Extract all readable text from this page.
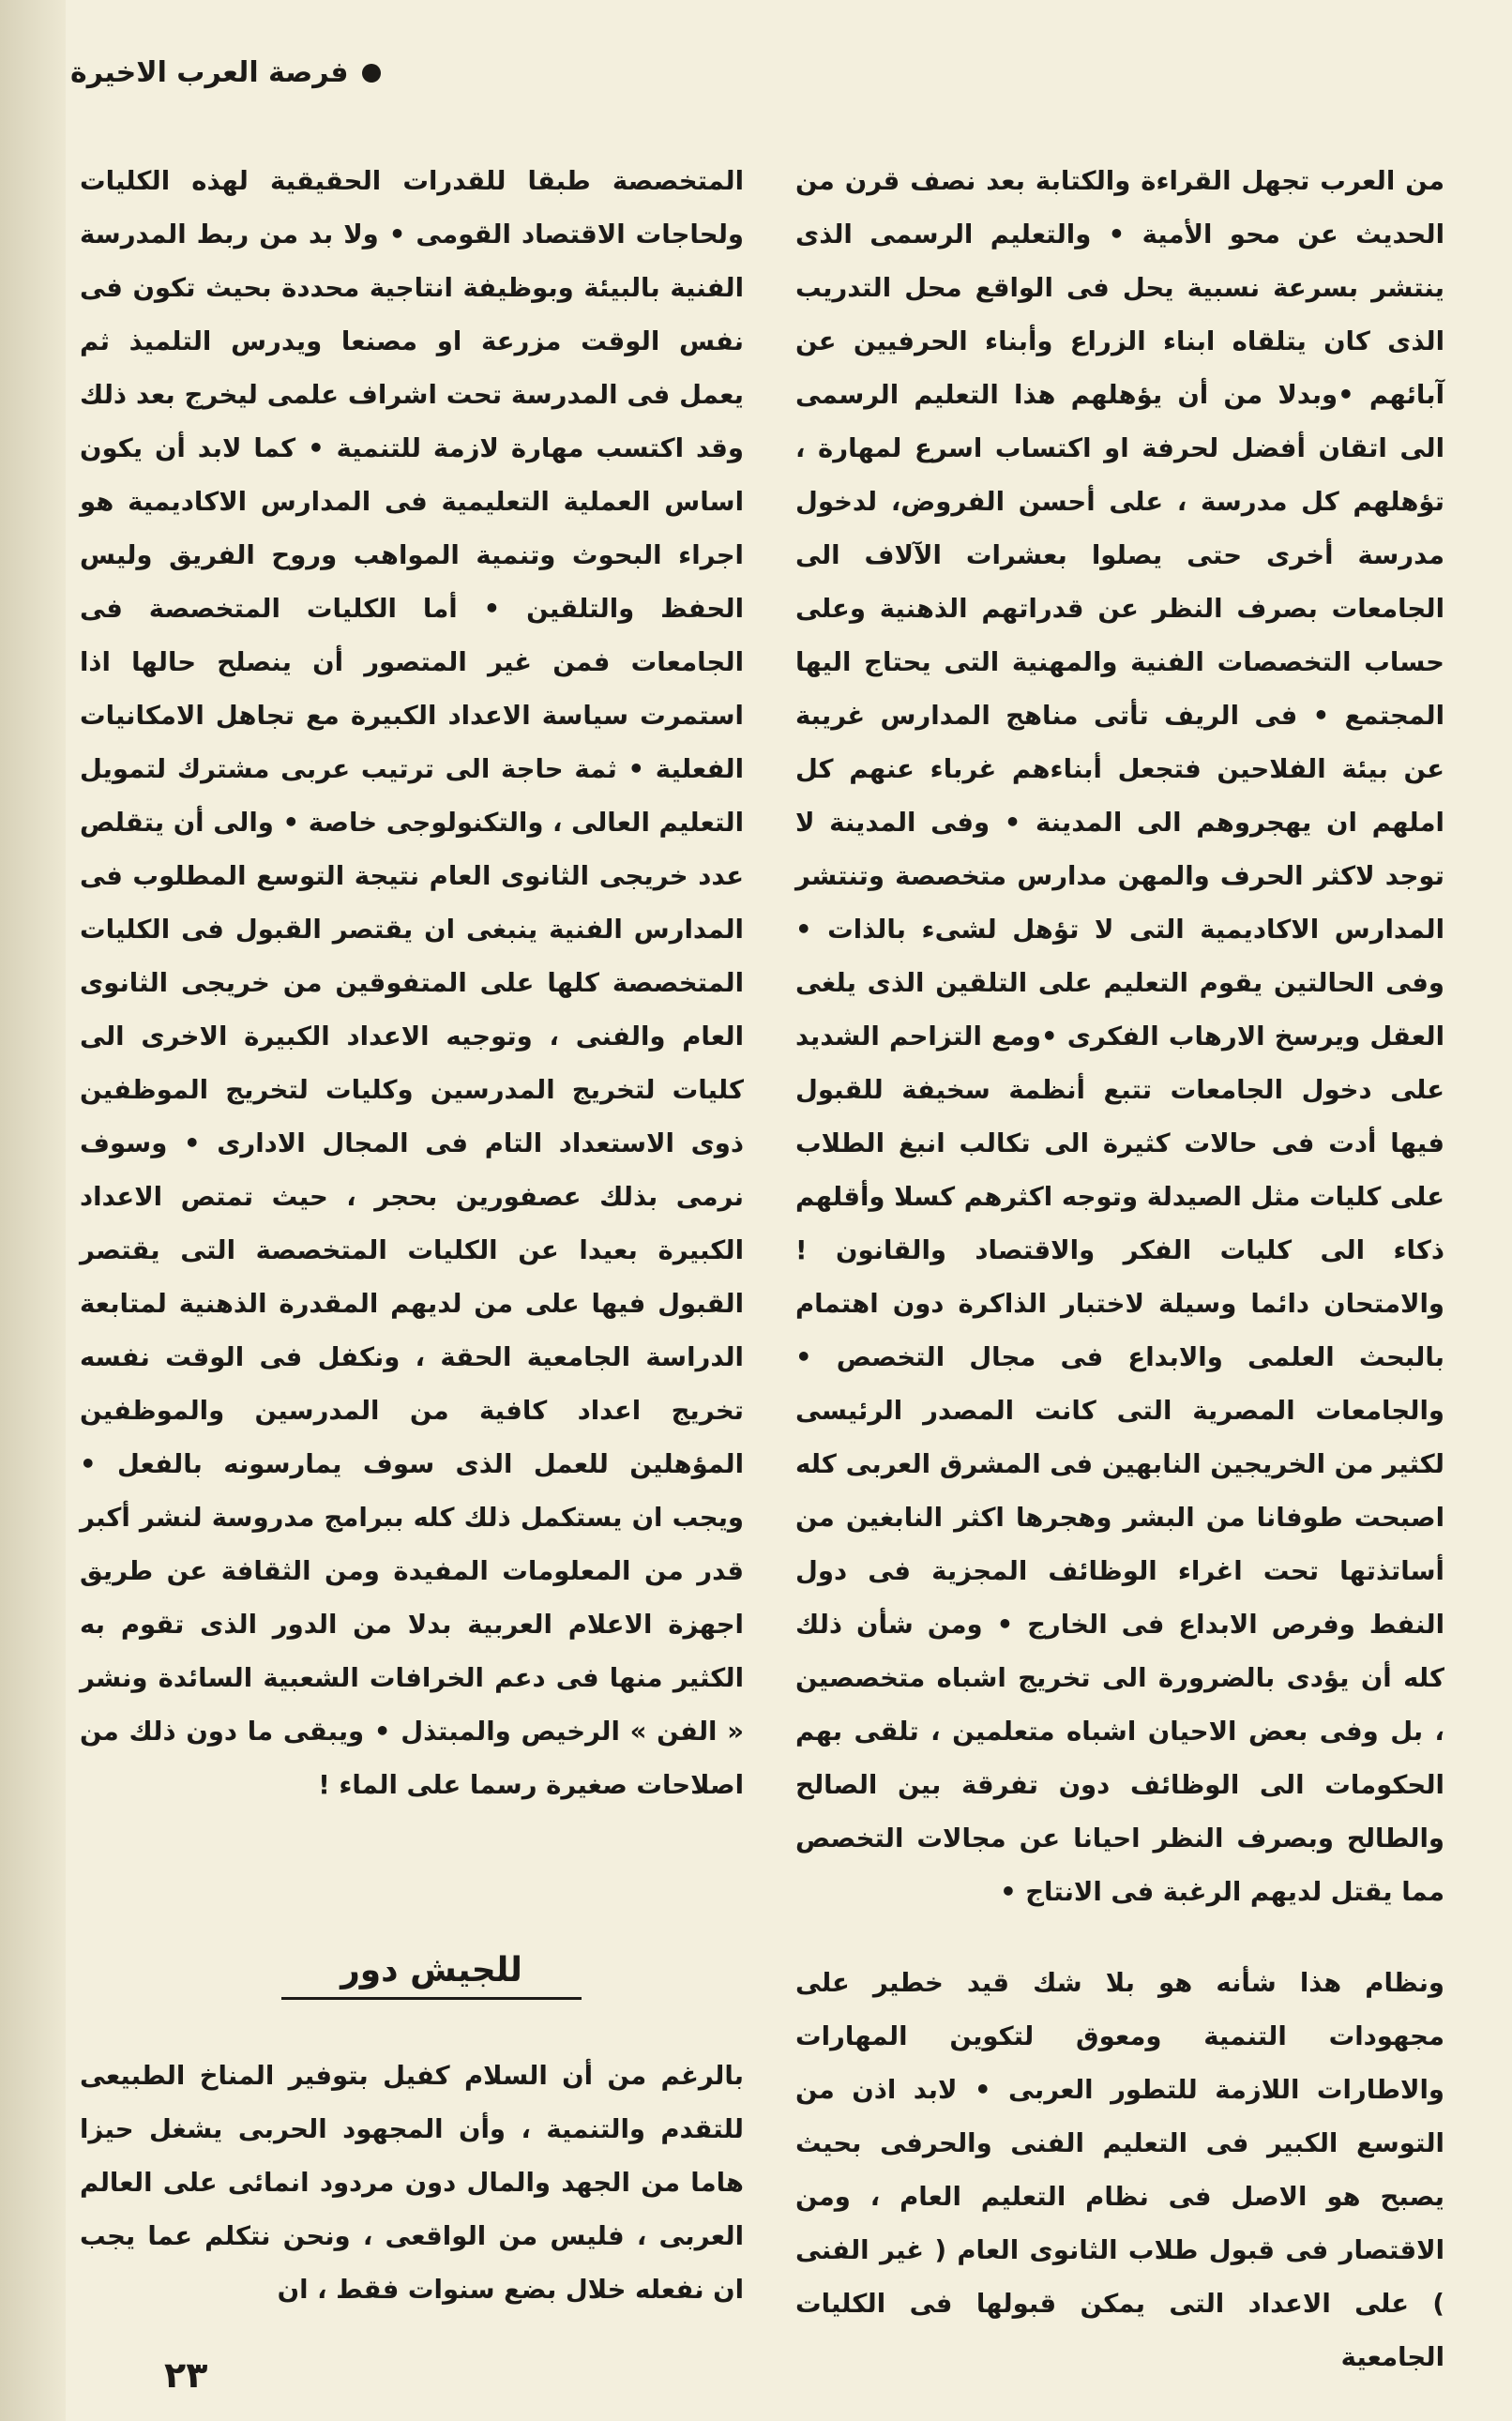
فرصة العرب الاخيرة

من العرب تجهل القراءة والكتابة بعد نصف قرن من الحديث عن محو الأمية • والتعليم الرسمى الذى ينتشر بسرعة نسبية يحل فى الواقع محل التدريب الذى كان يتلقاه ابناء الزراع وأبناء الحرفيين عن آبائهم •وبدلا من أن يؤهلهم هذا التعليم الرسمى الى اتقان أفضل لحرفة او اكتساب اسرع لمهارة ، تؤهلهم كل مدرسة ، على أحسن الفروض، لدخول مدرسة أخرى حتى يصلوا بعشرات الآلاف الى الجامعات بصرف النظر عن قدراتهم الذهنية وعلى حساب التخصصات الفنية والمهنية التى يحتاج اليها المجتمع • فى الريف تأتى مناهج المدارس غريبة عن بيئة الفلاحين فتجعل أبناءهم غرباء عنهم كل املهم ان يهجروهم الى المدينة • وفى المدينة لا توجد لاكثر الحرف والمهن مدارس متخصصة وتنتشر المدارس الاكاديمية التى لا تؤهل لشىء بالذات • وفى الحالتين يقوم التعليم على التلقين الذى يلغى العقل ويرسخ الارهاب الفكرى •ومع التزاحم الشديد على دخول الجامعات تتبع أنظمة سخيفة للقبول فيها أدت فى حالات كثيرة الى تكالب انبغ الطلاب على كليات مثل الصيدلة وتوجه اكثرهم كسلا وأقلهم ذكاء الى كليات الفكر والاقتصاد والقانون ! والامتحان دائما وسيلة لاختبار الذاكرة دون اهتمام بالبحث العلمى والابداع فى مجال التخصص • والجامعات المصرية التى كانت المصدر الرئيسى لكثير من الخريجين النابهين فى المشرق العربى كله اصبحت طوفانا من البشر وهجرها اكثر النابغين من أساتذتها تحت اغراء الوظائف المجزية فى دول النفط وفرص الابداع فى الخارج • ومن شأن ذلك كله أن يؤدى بالضرورة الى تخريج اشباه متخصصين ، بل وفى بعض الاحيان اشباه متعلمين ، تلقى بهم الحكومات الى الوظائف دون تفرقة بين الصالح والطالح وبصرف النظر احيانا عن مجالات التخصص مما يقتل لديهم الرغبة فى الانتاج •

ونظام هذا شأنه هو بلا شك قيد خطير على مجهودات التنمية ومعوق لتكوين المهارات والاطارات اللازمة للتطور العربى • لابد اذن من التوسع الكبير فى التعليم الفنى والحرفى بحيث يصبح هو الاصل فى نظام التعليم العام ، ومن الاقتصار فى قبول طلاب الثانوى العام ( غير الفنى ) على الاعداد التى يمكن قبولها فى الكليات الجامعية

المتخصصة طبقا للقدرات الحقيقية لهذه الكليات ولحاجات الاقتصاد القومى • ولا بد من ربط المدرسة الفنية بالبيئة وبوظيفة انتاجية محددة بحيث تكون فى نفس الوقت مزرعة او مصنعا ويدرس التلميذ ثم يعمل فى المدرسة تحت اشراف علمى ليخرج بعد ذلك وقد اكتسب مهارة لازمة للتنمية • كما لابد أن يكون اساس العملية التعليمية فى المدارس الاكاديمية هو اجراء البحوث وتنمية المواهب وروح الفريق وليس الحفظ والتلقين • أما الكليات المتخصصة فى الجامعات فمن غير المتصور أن ينصلح حالها اذا استمرت سياسة الاعداد الكبيرة مع تجاهل الامكانيات الفعلية • ثمة حاجة الى ترتيب عربى مشترك لتمويل التعليم العالى ، والتكنولوجى خاصة • والى أن يتقلص عدد خريجى الثانوى العام نتيجة التوسع المطلوب فى المدارس الفنية ينبغى ان يقتصر القبول فى الكليات المتخصصة كلها على المتفوقين من خريجى الثانوى العام والفنى ، وتوجيه الاعداد الكبيرة الاخرى الى كليات لتخريج المدرسين وكليات لتخريج الموظفين ذوى الاستعداد التام فى المجال الادارى • وسوف نرمى بذلك عصفورين بحجر ، حيث تمتص الاعداد الكبيرة بعيدا عن الكليات المتخصصة التى يقتصر القبول فيها على من لديهم المقدرة الذهنية لمتابعة الدراسة الجامعية الحقة ، ونكفل فى الوقت نفسه تخريج اعداد كافية من المدرسين والموظفين المؤهلين للعمل الذى سوف يمارسونه بالفعل • ويجب ان يستكمل ذلك كله ببرامج مدروسة لنشر أكبر قدر من المعلومات المفيدة ومن الثقافة عن طريق اجهزة الاعلام العربية بدلا من الدور الذى تقوم به الكثير منها فى دعم الخرافات الشعبية السائدة ونشر « الفن » الرخيص والمبتذل • ويبقى ما دون ذلك من اصلاحات صغيرة رسما على الماء !

للجيش دور

بالرغم من أن السلام كفيل بتوفير المناخ الطبيعى للتقدم والتنمية ، وأن المجهود الحربى يشغل حيزا هاما من الجهد والمال دون مردود انمائى على العالم العربى ، فليس من الواقعى ، ونحن نتكلم عما يجب ان نفعله خلال بضع سنوات فقط ، ان

٢٣
